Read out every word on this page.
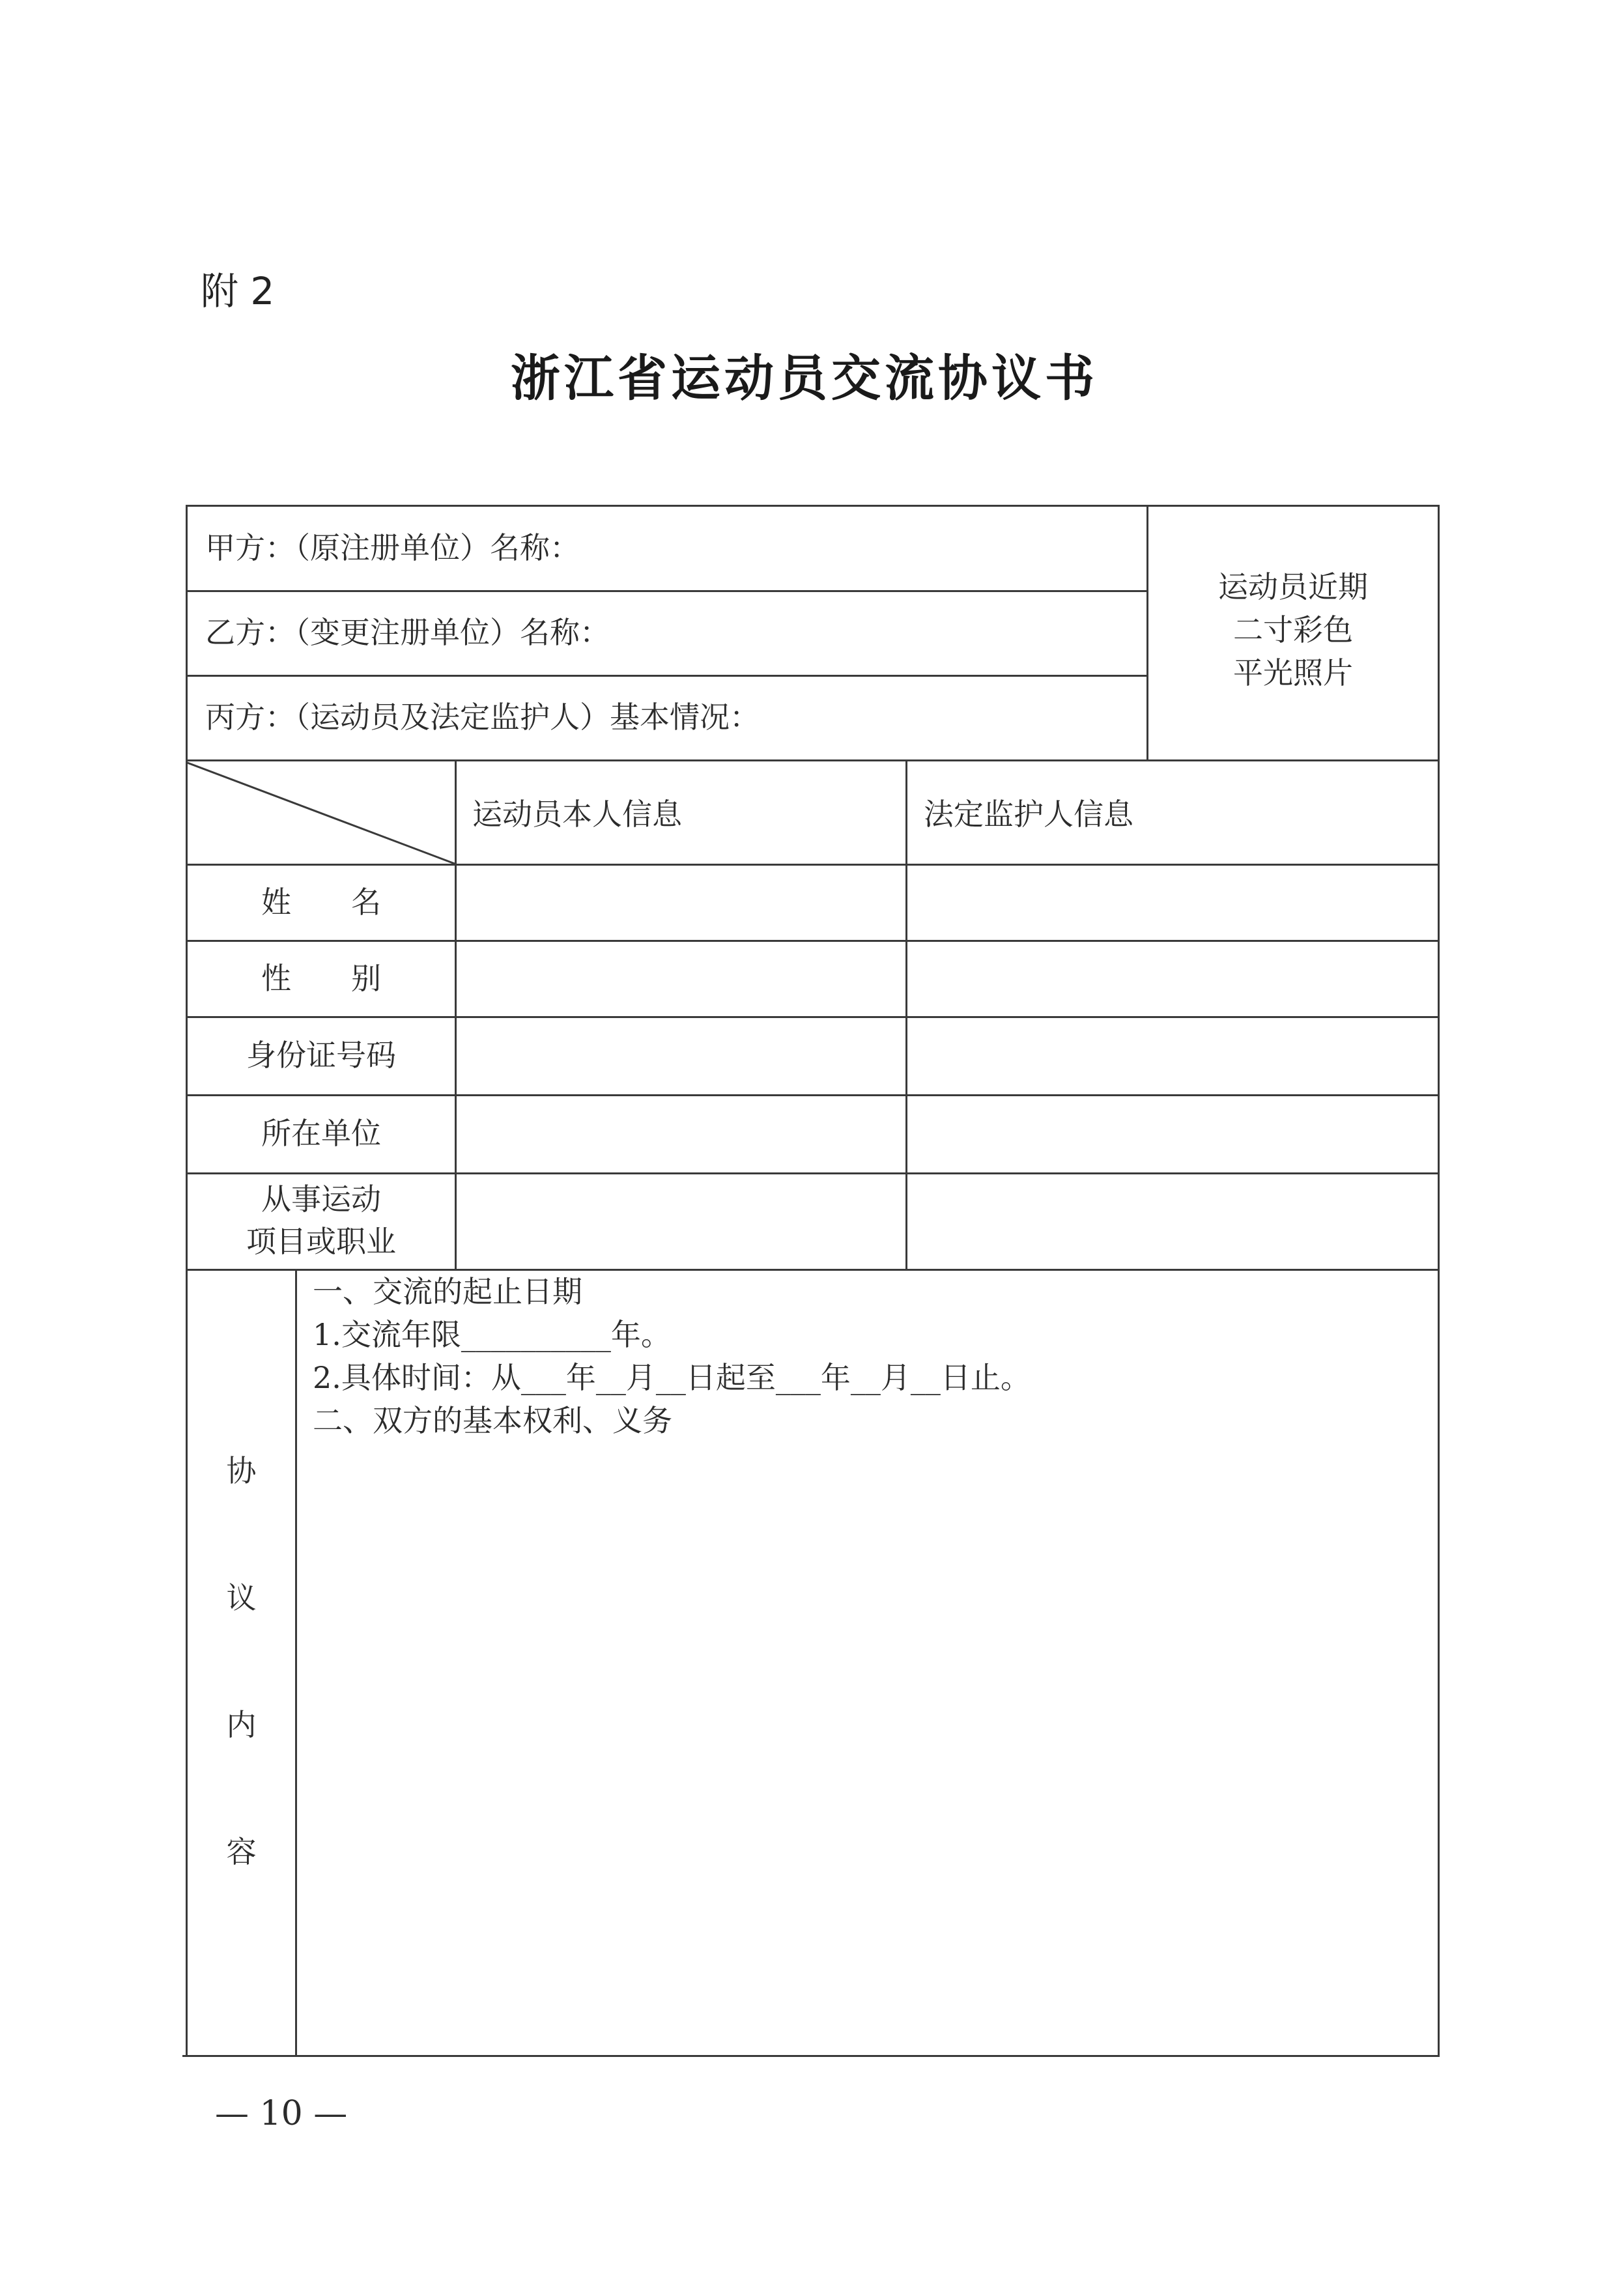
附 2
浙江省运动员交流协议书
甲方：（原注册单位）名称：
乙方：（变更注册单位）名称：
丙方：（运动员及法定监护人）基本情况：
运动员近期
二寸彩色
平光照片
运动员本人信息	法定监护人信息
姓　　名
性　　别
身份证号码
所在单位
从事运动
项目或职业
协
议
内
容
一、交流的起止日期
1.交流年限__________年。
2.具体时间：从___年__月__日起至___年__月__日止。
二、双方的基本权利、义务
— 10 —
